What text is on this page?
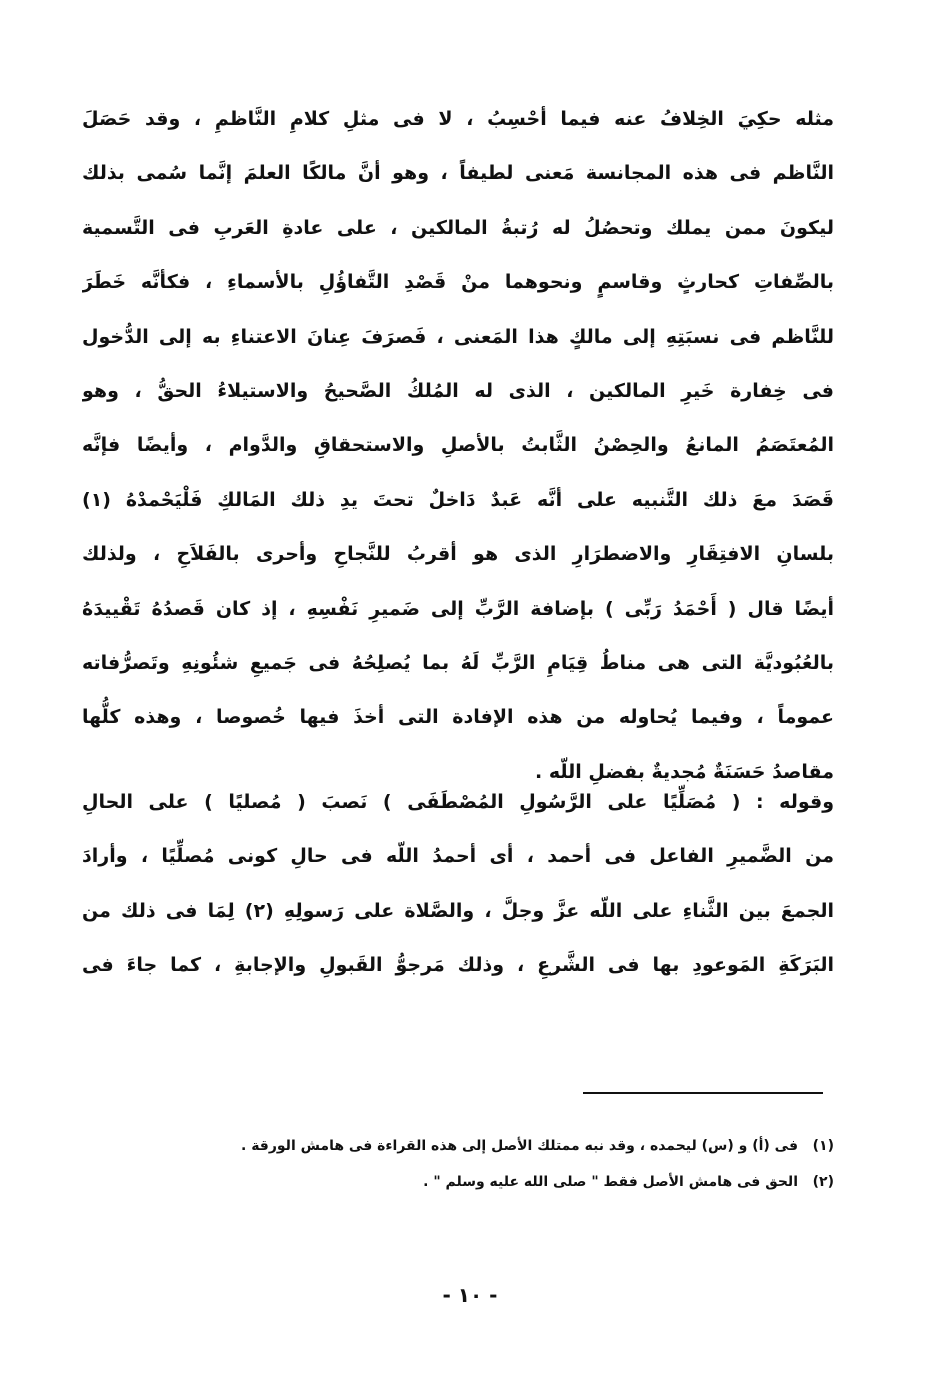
مثله حكِيَ الخِلافُ عنه فيما أحْسِبُ ، لا فى مثلِ كلامِ النَّاظمِ ، وقد حَصَلَ
النَّاظم فى هذه المجانسة مَعنى لطيفاً ، وهو أنَّ مالكًا العلمَ إنَّما سُمى بذلك
ليكونَ ممن يملك وتحصُلُ له رُتبةُ المالكين ، على عادةِ العَربِ فى التَّسمية
بالصِّفاتِ كحارثٍ وقاسمٍ ونحوهما منْ قَصْدِ التَّفاؤُلِ بالأسماءِ ، فكأنَّه خَطَرَ
للنَّاظم فى نسبَتِهِ إلى مالكٍ هذا المَعنى ، فَصرَفَ عِنانَ الاعتناءِ به إلى الدُّخول
فى خِفارة خَيرِ المالكين ، الذى له المُلكُ الصَّحيحُ والاستيلاءُ الحقُّ ، وهو
المُعتَصَمُ المانعُ والحِصْنُ الثَّابتُ بالأصلِ والاستحقاقِ والدَّوام ، وأيضًا فإنَّه
قَصَدَ معَ ذلك التَّنبيه على أنَّه عَبدٌ دَاخلٌ تحتَ يدِ ذلك المَالكِ فَلْيَحْمدْهُ (١)
بلسانِ الافتِقَارِ والاضطرَارِ الذى هو أقربُ للنَّجاحِ وأحرى بالفَلاَحِ ، ولذلك
أيضًا قال ( أَحْمَدُ رَبِّى ) بإضافة الرَّبِّ إلى ضَميرِ نَفْسِهِ ، إذ كان قَصدُهُ تَقْييدَهُ
بالعُبُوديَّة التى هى مناطُ قِيَامِ الرَّبِّ لَهُ بما يُصلِحُهُ فى جَميعِ شئُونِهِ وتَصرُّفاته
عموماً ، وفيما يُحاوله من هذه الإفادة التى أخذَ فيها خُصوصا ، وهذه كلُّها
مقاصدُ حَسَنَةٌ مُجديةٌ بفضلِ اللّه .
وقوله : ( مُصَلِّيًا على الرَّسُولِ المُصْطَفَى ) نَصبَ ( مُصليًا ) على الحالِ
من الضَّميرِ الفاعل فى أحمد ، أى أحمدُ اللّه فى حالِ كونى مُصلِّيًا ، وأرادَ
الجمعَ بين الثَّناءِ على اللّه عزَّ وجلَّ ، والصَّلاة على رَسولِهِ (٢) لِمَا فى ذلك من
البَرَكَةِ المَوعودِ بها فى الشَّرعِ ، وذلك مَرجوُّ القَبولِ والإجابةِ ، كما جاءَ فى
(١)
فى (أ) و (س) ليحمده ، وقد نبه ممتلك الأصل إلى هذه القراءة فى هامش الورقة .
(٢)
الحق فى هامش الأصل فقط " صلى الله عليه وسلم " .
- ١٠ -
